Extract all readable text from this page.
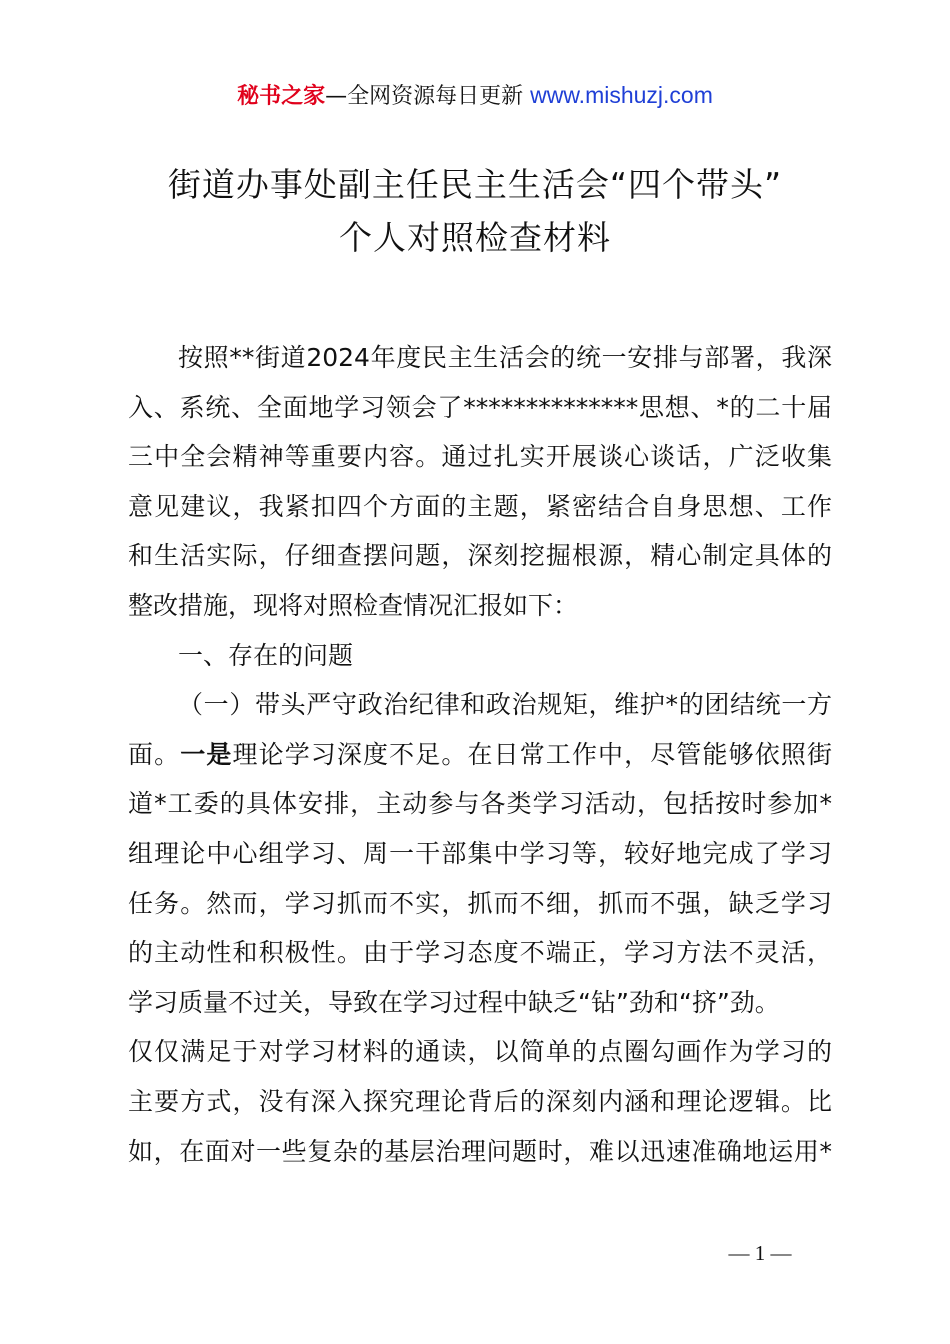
秘书之家—全网资源每日更新 www.mishuzj.com
街道办事处副主任民主生活会“四个带头”
个人对照检查材料
按照**街道2024年度民主生活会的统一安排与部署，我深
入、系统、全面地学习领会了**************思想、*的二十届
三中全会精神等重要内容。通过扎实开展谈心谈话，广泛收集
意见建议，我紧扣四个方面的主题，紧密结合自身思想、工作
和生活实际，仔细查摆问题，深刻挖掘根源，精心制定具体的
整改措施，现将对照检查情况汇报如下：
一、存在的问题
（一）带头严守政治纪律和政治规矩，维护*的团结统一方
面。一是理论学习深度不足。在日常工作中，尽管能够依照街
道*工委的具体安排，主动参与各类学习活动，包括按时参加*
组理论中心组学习、周一干部集中学习等，较好地完成了学习
任务。然而，学习抓而不实，抓而不细，抓而不强，缺乏学习
的主动性和积极性。由于学习态度不端正，学习方法不灵活，
学习质量不过关，导致在学习过程中缺乏“钻”劲和“挤”劲。
仅仅满足于对学习材料的通读，以简单的点圈勾画作为学习的
主要方式，没有深入探究理论背后的深刻内涵和理论逻辑。比
如，在面对一些复杂的基层治理问题时，难以迅速准确地运用*
— 1 —
